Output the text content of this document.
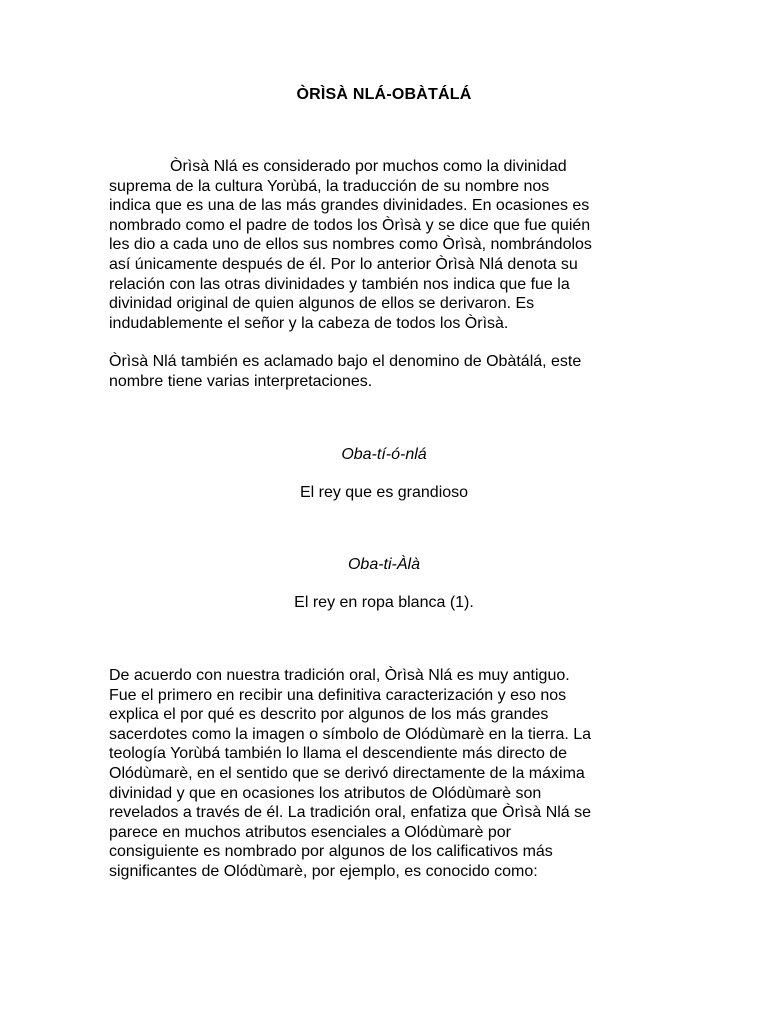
ÒRÌSÀ NLÁ-OBÀTÁLÁ
Òrìsà Nlá es considerado por muchos como la divinidad
suprema de la cultura Yorùbá, la traducción de su nombre nos
indica que es una de las más grandes divinidades. En ocasiones es
nombrado como el padre de todos los Òrìsà y se dice que fue quién
les dio a cada uno de ellos sus nombres como Òrìsà, nombrándolos
así únicamente después de él. Por lo anterior Òrìsà Nlá denota su
relación con las otras divinidades y también nos indica que fue la
divinidad original de quien algunos de ellos se derivaron. Es
indudablemente el señor y la cabeza de todos los Òrìsà.
Òrìsà Nlá también es aclamado bajo el denomino de Obàtálá, este
nombre tiene varias interpretaciones.
Oba-tí-ó-nlá
El rey que es grandioso
Oba-ti-Àlà
El rey en ropa blanca (1).
De acuerdo con nuestra tradición oral, Òrìsà Nlá es muy antiguo.
Fue el primero en recibir una definitiva caracterización y eso nos
explica el por qué es descrito por algunos de los más grandes
sacerdotes como la imagen o símbolo de Olódùmarè en la tierra. La
teología Yorùbá también lo llama el descendiente más directo de
Olódùmarè, en el sentido que se derivó directamente de la máxima
divinidad y que en ocasiones los atributos de Olódùmarè son
revelados a través de él. La tradición oral, enfatiza que Òrìsà Nlá se
parece en muchos atributos esenciales a Olódùmarè por
consiguiente es nombrado por algunos de los calificativos más
significantes de Olódùmarè, por ejemplo, es conocido como:
